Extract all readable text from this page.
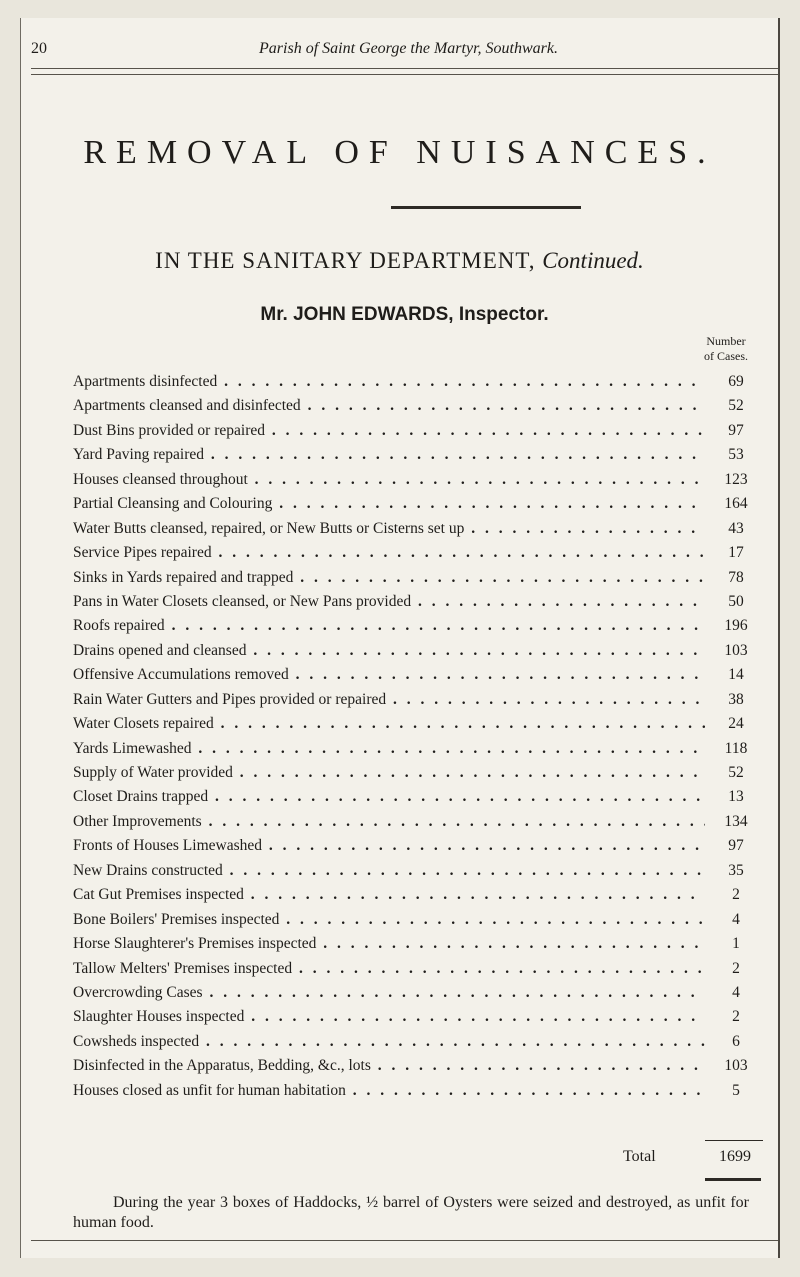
20	Parish of Saint George the Martyr, Southwark.
REMOVAL OF NUISANCES.
IN THE SANITARY DEPARTMENT, Continued.
Mr. JOHN EDWARDS, Inspector.
Number
of Cases.
Apartments disinfected . . .	69
Apartments cleansed and disinfected . . .	52
Dust Bins provided or repaired . . .	97
Yard Paving repaired . . .	53
Houses cleansed throughout . . .	123
Partial Cleansing and Colouring . . .	164
Water Butts cleansed, repaired, or New Butts or Cisterns set up . . .	43
Service Pipes repaired . . .	17
Sinks in Yards repaired and trapped . . .	78
Pans in Water Closets cleansed, or New Pans provided . . .	50
Roofs repaired . . .	196
Drains opened and cleansed . . .	103
Offensive Accumulations removed . . .	14
Rain Water Gutters and Pipes provided or repaired . . .	38
Water Closets repaired . . .	24
Yards Limewashed . . .	118
Supply of Water provided . . .	52
Closet Drains trapped . . .	13
Other Improvements . . .	134
Fronts of Houses Limewashed . . .	97
New Drains constructed . . .	35
Cat Gut Premises inspected . . .	2
Bone Boilers' Premises inspected . . .	4
Horse Slaughterer's Premises inspected . . .	1
Tallow Melters' Premises inspected . . .	2
Overcrowding Cases . . .	4
Slaughter Houses inspected . . .	2
Cowsheds inspected . . .	6
Disinfected in the Apparatus, Bedding, &c., lots . . .	103
Houses closed as unfit for human habitation . . .	5
Total	1699
During the year 3 boxes of Haddocks, ½ barrel of Oysters were seized and destroyed, as unfit for human food.
